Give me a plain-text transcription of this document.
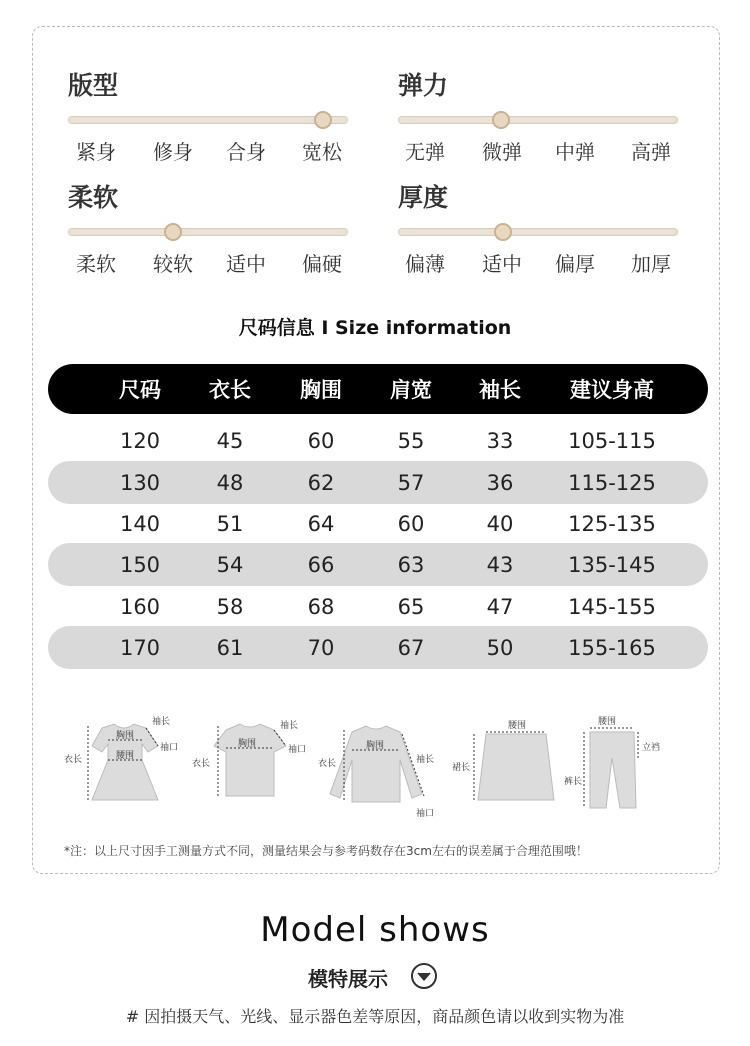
版型
紧身	修身	合身	宽松
弹力
无弹	微弹	中弹	高弹
柔软
柔软	较软	适中	偏硬
厚度
偏薄	适中	偏厚	加厚
尺码信息 I Size information
尺码	衣长	胸围	肩宽	袖长	建议身高
120	45	60	55	33	105-115
130	48	62	57	36	115-125
140	51	64	60	40	125-135
150	54	66	63	43	135-145
160	58	68	65	47	145-155
170	61	70	67	50	155-165
袖长
胸围
袖口
衣长	腰围
袖长
胸围
袖口
衣长
胸围
袖长
衣长
袖口
腰围
裙长
腰围
立裆
裤长
*注：以上尺寸因手工测量方式不同，测量结果会与参考码数存在3cm左右的误差属于合理范围哦！
Model shows
模特展示
# 因拍摄天气、光线、显示器色差等原因，商品颜色请以收到实物为准
